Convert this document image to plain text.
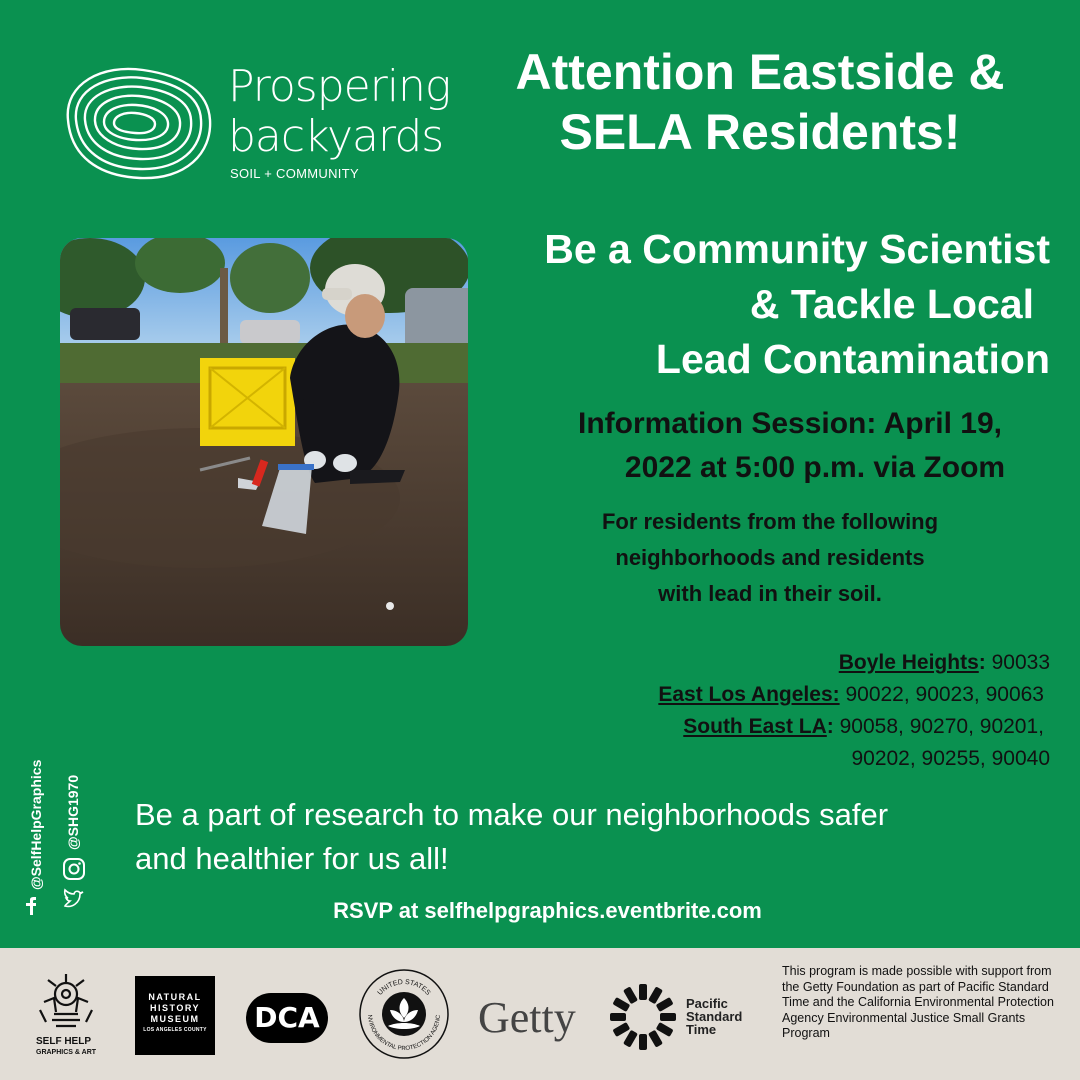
Prospering
backyards
SOIL + COMMUNITY
Attention Eastside &
SELA Residents!
Be a Community Scientist
& Tackle Local
Lead Contamination
Information Session: April 19,
2022 at 5:00 p.m. via Zoom
For residents from the following
neighborhoods and residents
with lead in their soil.
Boyle Heights: 90033
East Los Angeles: 90022, 90023, 90063
South East LA: 90058, 90270, 90201,
90202, 90255, 90040
@SelfHelpGraphics @SHG1970 Be a part of research to make our neighborhoods safer
and healthier for us all!
RSVP at selfhelpgraphics.eventbrite.com
SELF HELP
GRAPHICS & ART
NATURAL
HISTORY
MUSEUM
LOS ANGELES COUNTY DCA
UNITED STATES
NVIRONMENTAL PROTECTION AGENC Getty	Pacific
Standard
Time
This program is made possible with support from the Getty Foundation as part of Pacific Standard Time and the California Environmental Protection Agency Environmental Justice Small Grants Program
